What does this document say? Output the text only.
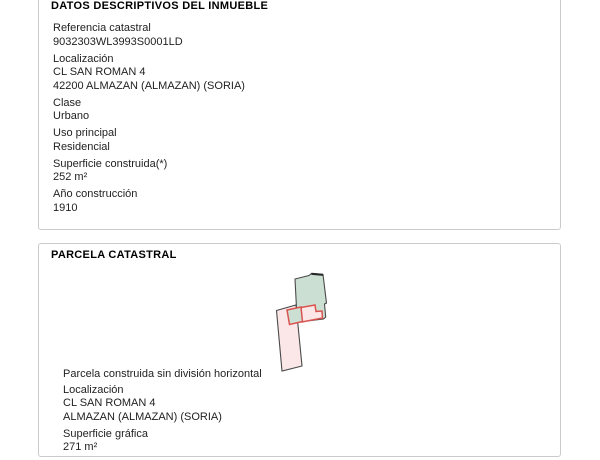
DATOS DESCRIPTIVOS DEL INMUEBLE
Referencia catastral
9032303WL3993S0001LD
Localización
CL SAN ROMAN 4
42200 ALMAZAN (ALMAZAN) (SORIA)
Clase
Urbano
Uso principal
Residencial
Superficie construida(*)
252 m²
Año construcción
1910
PARCELA CATASTRAL
Parcela construida sin división horizontal
Localización
CL SAN ROMAN 4
ALMAZAN (ALMAZAN) (SORIA)
Superficie gráfica
271 m²
